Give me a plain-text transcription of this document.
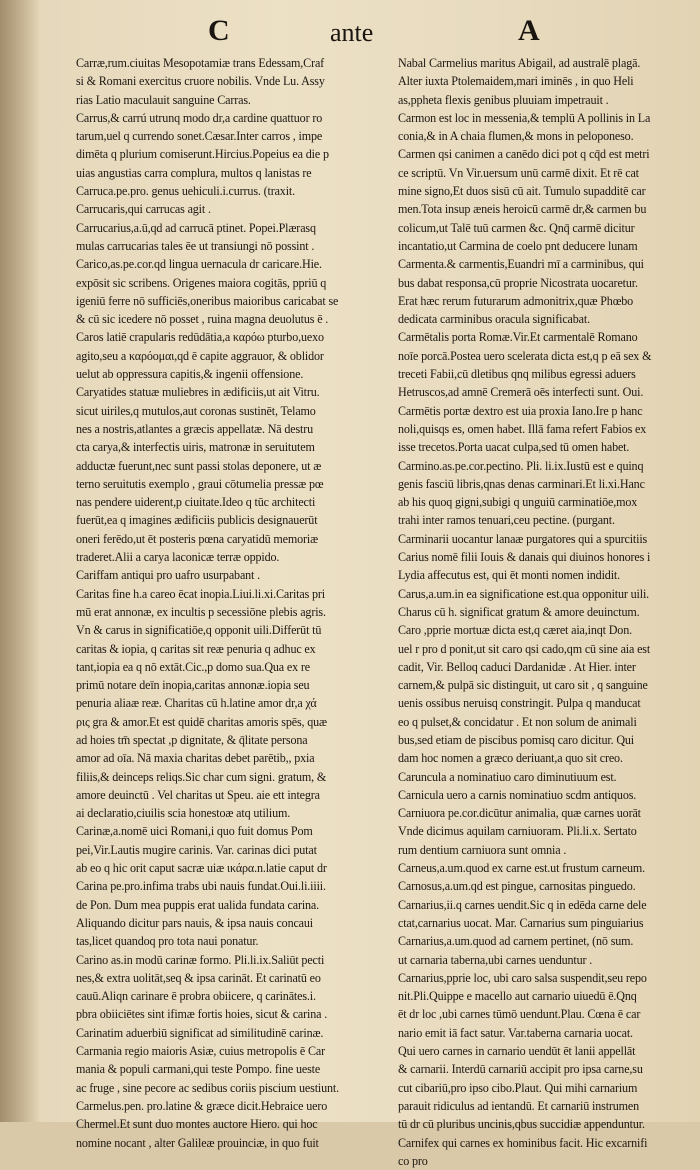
C	ante	A
Carræ,rum.ciuitas Mesopotamiæ trans Edessam,Craf
si & Romani exercitus cruore nobilis. Vnde Lu. Assy
rias Latio maculauit sanguine Carras.
Carrus,& carrú utrunq modo dr,a cardine quattuor ro
tarum,uel q currendo sonet.Cæsar.Inter carros , impe
dimēta q plurium comiserunt.Hircius.Popeius ea die p
uias angustias carra complura, multos q lanistas re
Carruca.pe.pro. genus uehiculi.i.currus. (traxit.
Carrucaris,qui carrucas agit .
Carrucarius,a.ū,qd ad carrucā ptinet. Popei.Plærasq
mulas carrucarias tales ēe ut transiungi nō possint .
Carico,as.pe.cor.qd lingua uernacula dr caricare.Hie.
expōsit sic scribens. Origenes maiora cogitās, ppriū q
igeniū ferre nō sufficiēs,oneribus maioribus caricabat se
& cū sic icedere nō posset , ruina magna deuolutus ē .
Caros latiē crapularis redūdātia,a καρόω pturbo,uexo
agito,seu a καρόομαι,qd ē capite aggrauor, & oblidor
uelut ab oppressura capitis,& ingenii offensione.
Caryatides statuæ muliebres in ædificiis,ut ait Vitru.
sicut uiriles,q mutulos,aut coronas sustinēt, Telamo
nes a nostris,atlantes a græcis appellatæ. Nā destru
cta carya,& interfectis uiris, matronæ in seruitutem
adductæ fuerunt,nec sunt passi stolas deponere, ut æ
terno seruitutis exemplo , graui cōtumelia pressæ pœ
nas pendere uiderent,p ciuitate.Ideo q tūc architecti
fuerūt,ea q imagines ædificiis publicis designauerūt
oneri ferēdo,ut ēt posteris pœna caryatidū memoriæ
traderet.Alii a carya laconicæ terræ oppido.
Cariffam antiqui pro uafro usurpabant .
Caritas fine h.a careo ēcat inopia.Liui.li.xi.Caritas pri
mū erat annonæ, ex incultis p secessiōne plebis agris.
Vn & carus in significatiōe,q opponit uili.Differūt tū
caritas & iopia, q caritas sit reæ penuria q adhuc ex
tant,iopia ea q nō extāt.Cic.,p domo sua.Qua ex re
primū notare deīn inopia,caritas annonæ.iopia seu
penuria aliaæ reæ. Charitas cū h.latine amor dr,a χά
ρις gra & amor.Et est quidē charitas amoris spēs, quæ
ad hoies tm̄ spectat ,p dignitate, & q̄litate persona
amor ad oīa. Nā maxia charitas debet parētib,, pxia
filiis,& deinceps reliqs.Sic char cum signi. gratum, &
amore deuinctū . Vel charitas ut Speu. aie ett integra
ai declaratio,ciuilis scia honestoæ atq utilium.
Carinæ,a.nomē uici Romani,i quo fuit domus Pom
pei,Vir.Lautis mugire carinis. Var. carinas dici putat
ab eo q hic orit caput sacræ uiæ ικάρα.n.latie caput dr
Carina pe.pro.infima trabs ubi nauis fundat.Oui.li.iiii.
de Pon. Dum mea puppis erat ualida fundata carina.
Aliquando dicitur pars nauis, & ipsa nauis concaui
tas,licet quandoq pro tota naui ponatur.
Carino as.in modū carinæ formo. Pli.li.ix.Saliūt pecti
nes,& extra uolitāt,seq & ipsa carināt. Et carinatū eo
cauū.Aliqn carinare ē probra obiicere, q carinātes.i.
pbra obiiciētes sint ifimæ fortis hoies, sicut & carina .
Carinatim aduerbiū significat ad similitudinē carinæ.
Carmania regio maioris Asiæ, cuius metropolis ē Car
mania & populi carmani,qui teste Pompo. fine ueste
ac fruge , sine pecore ac sedibus coriis piscium uestiunt.
Carmelus.pen. pro.latine & græce dicit.Hebraice uero
Chermel.Et sunt duo montes auctore Hiero. qui hoc
nomine nocant , alter Galileæ prouinciæ, in quo fuit
Nabal Carmelius maritus Abigail, ad australē plagā.
Alter iuxta Ptolemaidem,mari iminēs , in quo Heli
as,ppheta flexis genibus pluuiam impetrauit .
Carmon est loc in messenia,& templū A pollinis in La
conia,& in A chaia flumen,& mons in peloponeso.
Carmen qsi canimen a canēdo dici pot q cq̄d est metri
ce scriptū. Vn Vir.uersum unū carmē dixit. Et rē cat
mine signo,Et duos sisū cū ait. Tumulo supadditē car
men.Tota insup æneis heroicū carmē dr,& carmen bu
colicum,ut Talē tuū carmen &c. Qnq̄ carmē dicitur
incantatio,ut Carmina de coelo pnt deducere lunam
Carmenta.& carmentis,Euandri mī a carminibus, qui
bus dabat responsa,cū proprie Nicostrata uocaretur.
Erat hæc rerum futurarum admonitrix,quæ Phœbo
dedicata carminibus oracula significabat.
Carmētalis porta Romæ.Vir.Et carmentalē Romano
noīe porcā.Postea uero scelerata dicta est,q p eā sex &
treceti Fabii,cū dletibus qnq milibus egressi aduers
Hetruscos,ad amnē Cremerā oēs interfecti sunt. Oui.
Carmētis portæ dextro est uia proxia Iano.Ire p hanc
noli,quisqs es, omen habet. Illā fama refert Fabios ex
isse trecetos.Porta uacat culpa,sed tū omen habet.
Carmino.as.pe.cor.pectino. Pli. li.ix.Iustū est e quinq
genis fasciū libris,qnas denas carminari.Et li.xi.Hanc
ab his quoq gigni,subigi q unguiū carminatiōe,mox
trahi inter ramos tenuari,ceu pectine. (purgant.
Carminarii uocantur lanaæ purgatores qui a spurcitiis
Carius nomē filii Iouis & danais qui diuinos honores i
Lydia affecutus est, qui ēt monti nomen indidit.
Carus,a.um.in ea significatione est.qua opponitur uili.
Charus cū h. significat gratum & amore deuinctum.
Caro ,pprie mortuæ dicta est,q cæret aia,inqt Don.
uel r pro d ponit,ut sit caro qsi cado,qm cū sine aia est
cadit, Vir. Belloq caduci Dardanidæ . At Hier. inter
carnem,& pulpā sic distinguit, ut caro sit , q sanguine
uenis ossibus neruisq constringit. Pulpa q manducat
eo q pulset,& concidatur . Et non solum de animali
bus,sed etiam de piscibus pomisq caro dicitur. Qui
dam hoc nomen a græco deriuant,a quo sit creo.
Caruncula a nominatiuo caro diminutiuum est.
Carnicula uero a carnis nominatiuo scdm antiquos.
Carniuora pe.cor.dicūtur animalia, quæ carnes uorāt
Vnde dicimus aquilam carniuoram. Pli.li.x. Sertato
rum dentium carniuora sunt omnia .
Carneus,a.um.quod ex carne est.ut frustum carneum.
Carnosus,a.um.qd est pingue, carnositas pinguedo.
Carnarius,ii.q carnes uendit.Sic q in edēda carne dele
ctat,carnarius uocat. Mar. Carnarius sum pinguiarius
Carnarius,a.um.quod ad carnem pertinet, (nō sum.
ut carnaria taberna,ubi carnes uenduntur .
Carnarius,pprie loc, ubi caro salsa suspendit,seu repo
nit.Pli.Quippe e macello aut carnario uiuedū ē.Qnq
ēt dr loc ,ubi carnes tūmō uendunt.Plau. Cœna ē car
nario emit iā fact satur. Var.taberna carnaria uocat.
Qui uero carnes in carnario uendūt ēt lanii appellāt
& carnarii. Interdū carnariū accipit pro ipsa carne,su
cut cibariū,pro ipso cibo.Plaut. Qui mihi carnarium
parauit ridiculus ad ientandū. Et carnariū instrumen
tū dr cū pluribus uncinis,qbus succidiæ appenduntur.
Carnifex qui carnes ex hominibus facit. Hic excarnifi
co pro
